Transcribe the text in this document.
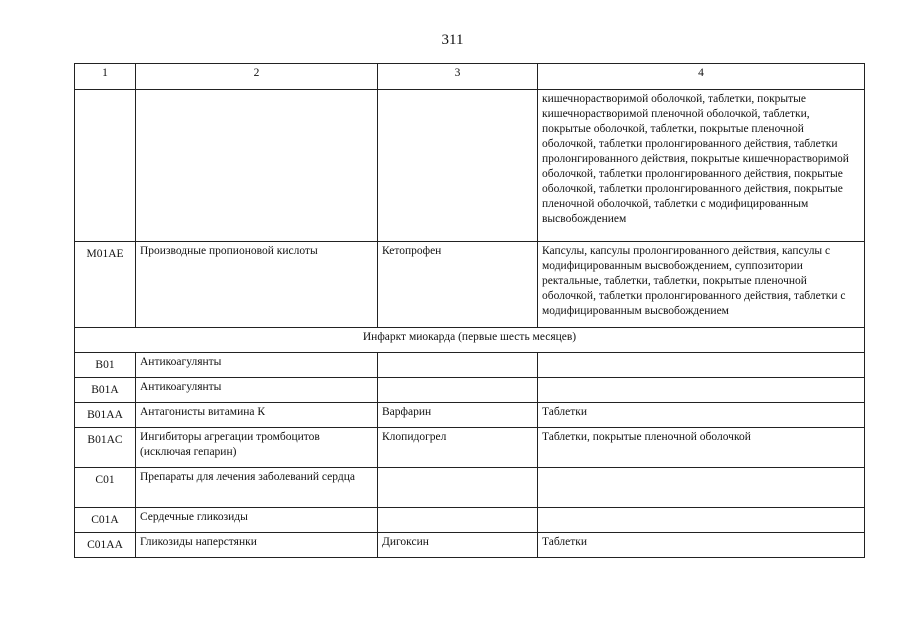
311
1	2	3	4
			кишечнорастворимой оболочкой, таблетки, покрытые кишечнорастворимой пленочной оболочкой, таблетки, покрытые оболочкой, таблетки, покрытые пленочной оболочкой, таблетки пролонгированного действия, таблетки пролонгированного действия, покрытые кишечнорастворимой оболочкой, таблетки пролонгированного действия, покрытые оболочкой, таблетки пролонгированного действия, покрытые пленочной оболочкой, таблетки с модифицированным высвобождением
M01AE	Производные пропионовой кислоты	Кетопрофен	Капсулы, капсулы пролонгированного действия, капсулы с модифицированным высвобождением, суппозитории ректальные, таблетки, таблетки, покрытые пленочной оболочкой, таблетки пролонгированного действия, таблетки с модифицированным высвобождением
Инфаркт миокарда (первые шесть месяцев)			
B01	Антикоагулянты		
B01A	Антикоагулянты		
B01AA	Антагонисты витамина К	Варфарин	Таблетки
B01AC	Ингибиторы агрегации тромбоцитов (исключая гепарин)	Клопидогрел	Таблетки, покрытые пленочной оболочкой
C01	Препараты для лечения заболеваний сердца		
C01A	Сердечные гликозиды		
C01AA	Гликозиды наперстянки	Дигоксин	Таблетки
